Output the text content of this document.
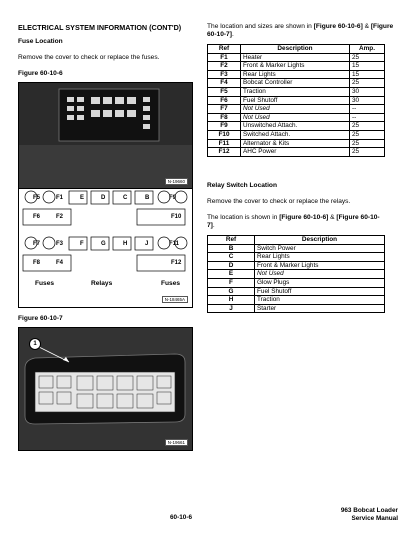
ELECTRICAL SYSTEM INFORMATION (CONT'D)
Fuse Location

Remove the cover to check or replace the fuses.

Figure 60-10-6
N-19660
F5	F1	E	D	C	B	F9
F6	F2	F10
F7	F3	F	G	H	J	F11
F8	F4	F12
Fuses	Relays	Fuses
N-18465A
Figure 60-10-7
1
N-19661

The location and sizes are shown in [Figure 60-10-6] & [Figure 60-10-7].

Ref	Description	Amp.
F1	Heater	25
F2	Front & Marker Lights	15
F3	Rear Lights	15
F4	Bobcat Controller	25
F5	Traction	30
F6	Fuel Shutoff	30
F7	Not Used	--
F8	Not Used	--
F9	Unswitched Attach.	25
F10	Switched Attach.	25
F11	Alternator & Kits	25
F12	AHC Power	25
Relay Switch Location

Remove the cover to check or replace the relays.

The location is shown in [Figure 60-10-6] & [Figure 60-10-7].

Ref	Description
B	Switch Power
C	Rear Lights
D	Front & Marker Lights
E	Not Used
F	Glow Plugs
G	Fuel Shutoff
H	Traction
J	Starter
60-10-6
963 Bobcat Loader
Service Manual
